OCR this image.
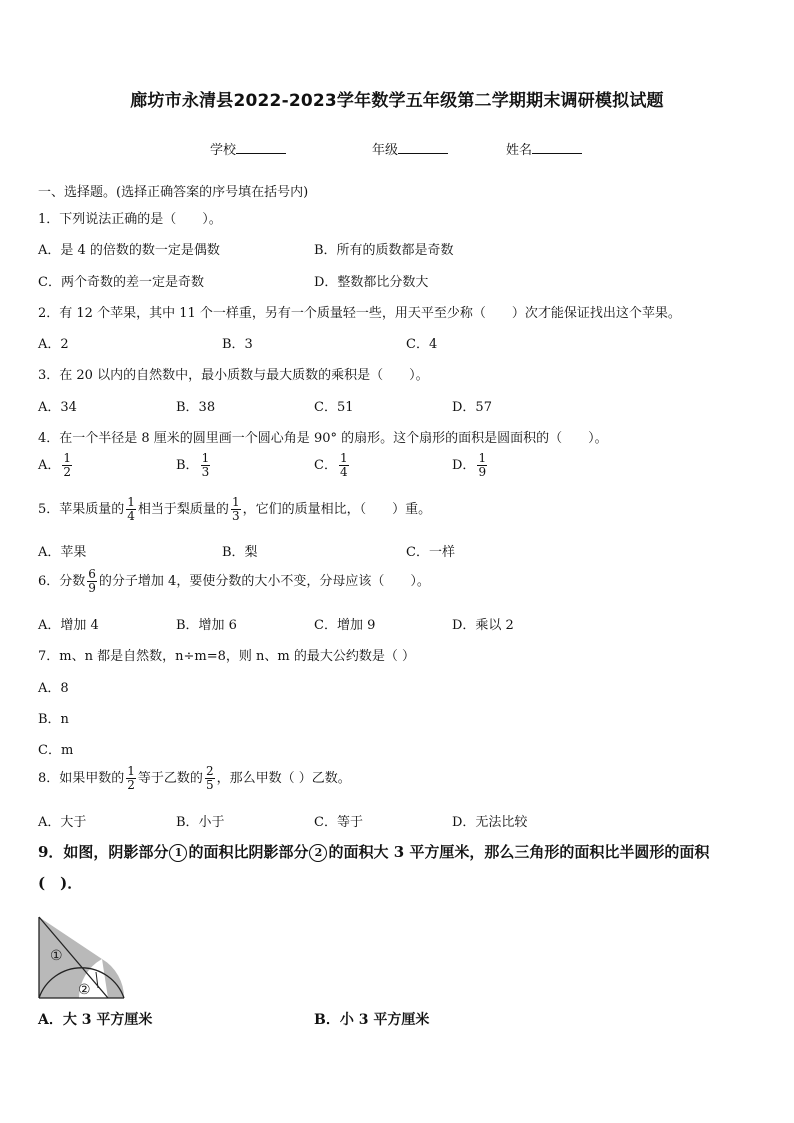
廊坊市永清县2022-2023学年数学五年级第二学期期末调研模拟试题
学校	年级	姓名
一、选择题。(选择正确答案的序号填在括号内)
1．下列说法正确的是（　　）。
A．是 4 的倍数的数一定是偶数	B．所有的质数都是奇数
C．两个奇数的差一定是奇数	D．整数都比分数大
2．有 12 个苹果，其中 11 个一样重，另有一个质量轻一些，用天平至少称（　　）次才能保证找出这个苹果。
A．2	B．3	C．4
3．在 20 以内的自然数中，最小质数与最大质数的乘积是（　　）。
A．34	B．38	C．51	D．57
4．在一个半径是 8 厘米的圆里画一个圆心角是 90° 的扇形。这个扇形的面积是圆面积的（　　）。
A． $\frac{1}{2}$	B． $\frac{1}{3}$	C． $\frac{1}{4}$	D． $\frac{1}{9}$
5．苹果质量的 $\frac{1}{4}$ 相当于梨质量的 $\frac{1}{3}$ ，它们的质量相比，（　　）重。
A．苹果	B．梨	C．一样
6．分数 $\frac{6}{9}$ 的分子增加 4，要使分数的大小不变，分母应该（　　）。
A．增加 4	B．增加 6	C．增加 9	D．乘以 2
7．m、n 都是自然数，n÷m=8，则 n、m 的最大公约数是（ ）
A．8
B．n
C．m
8．如果甲数的 $\frac{1}{2}$ 等于乙数的 $\frac{2}{5}$ ，那么甲数（ ）乙数。
A．大于	B．小于	C．等于	D．无法比较
9．如图，阴影部分 1 的面积比阴影部分 2 的面积大 3 平方厘米，那么三角形的面积比半圆形的面积
(　)．
①
②
A．大 3 平方厘米	B．小 3 平方厘米
